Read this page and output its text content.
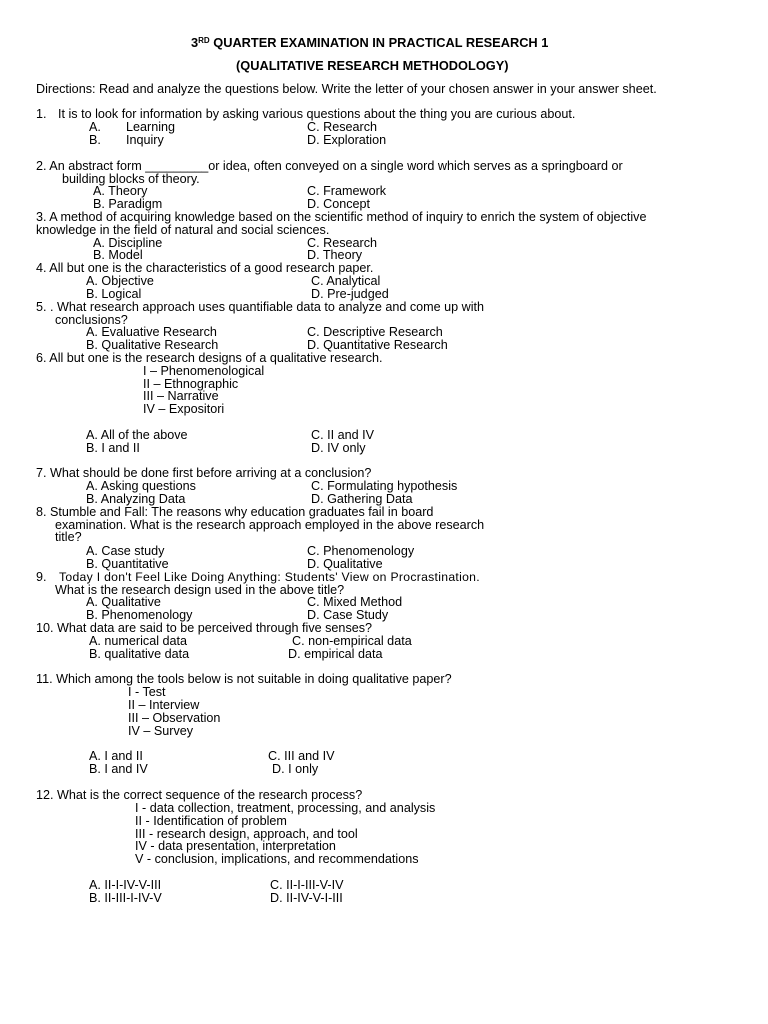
3RD QUARTER EXAMINATION IN PRACTICAL RESEARCH 1
(QUALITATIVE RESEARCH METHODOLOGY)
Directions: Read and analyze the questions below. Write the letter of your chosen answer in your answer sheet.
1. It is to look for information by asking various questions about the thing you are curious about.
A. Learning
B. Inquiry
C. Research
D. Exploration
2. An abstract form _________or idea, often conveyed on a single word which serves as a springboard or
building blocks of theory.
A. Theory
B. Paradigm
C. Framework
D. Concept
3. A method of acquiring knowledge based on the scientific method of inquiry to enrich the system of objective
knowledge in the field of natural and social sciences.
A. Discipline
B. Model
C. Research
D. Theory
4. All but one is the characteristics of a good research paper.
A. Objective
B. Logical
C. Analytical
D. Pre-judged
5. . What research approach uses quantifiable data to analyze and come up with
conclusions?
A. Evaluative Research
B. Qualitative Research
C. Descriptive Research
D. Quantitative Research
6. All but one is the research designs of a qualitative research.
I – Phenomenological
II – Ethnographic
III – Narrative
IV – Expositori
A. All of the above
B. I and II
C. II and IV
D. IV only
7. What should be done first before arriving at a conclusion?
A. Asking questions
B. Analyzing Data
C. Formulating hypothesis
D. Gathering Data
8. Stumble and Fall: The reasons why education graduates fail in board
examination. What is the research approach employed in the above research
title?
A. Case study
B. Quantitative
C. Phenomenology
D. Qualitative
9. Today I don't Feel Like Doing Anything: Students' View on Procrastination.
What is the research design used in the above title?
A. Qualitative
B. Phenomenology
C. Mixed Method
D. Case Study
10. What data are said to be perceived through five senses?
A. numerical data
B. qualitative data
C. non-empirical data
D. empirical data
11. Which among the tools below is not suitable in doing qualitative paper?
I - Test
II – Interview
III – Observation
IV – Survey
A. I and II
B. I and IV
C. III and IV
D. I only
12. What is the correct sequence of the research process?
I - data collection, treatment, processing, and analysis
II - Identification of problem
III - research design, approach, and tool
IV - data presentation, interpretation
V - conclusion, implications, and recommendations
A. II-I-IV-V-III
B. II-III-I-IV-V
C. II-I-III-V-IV
D. II-IV-V-I-III
